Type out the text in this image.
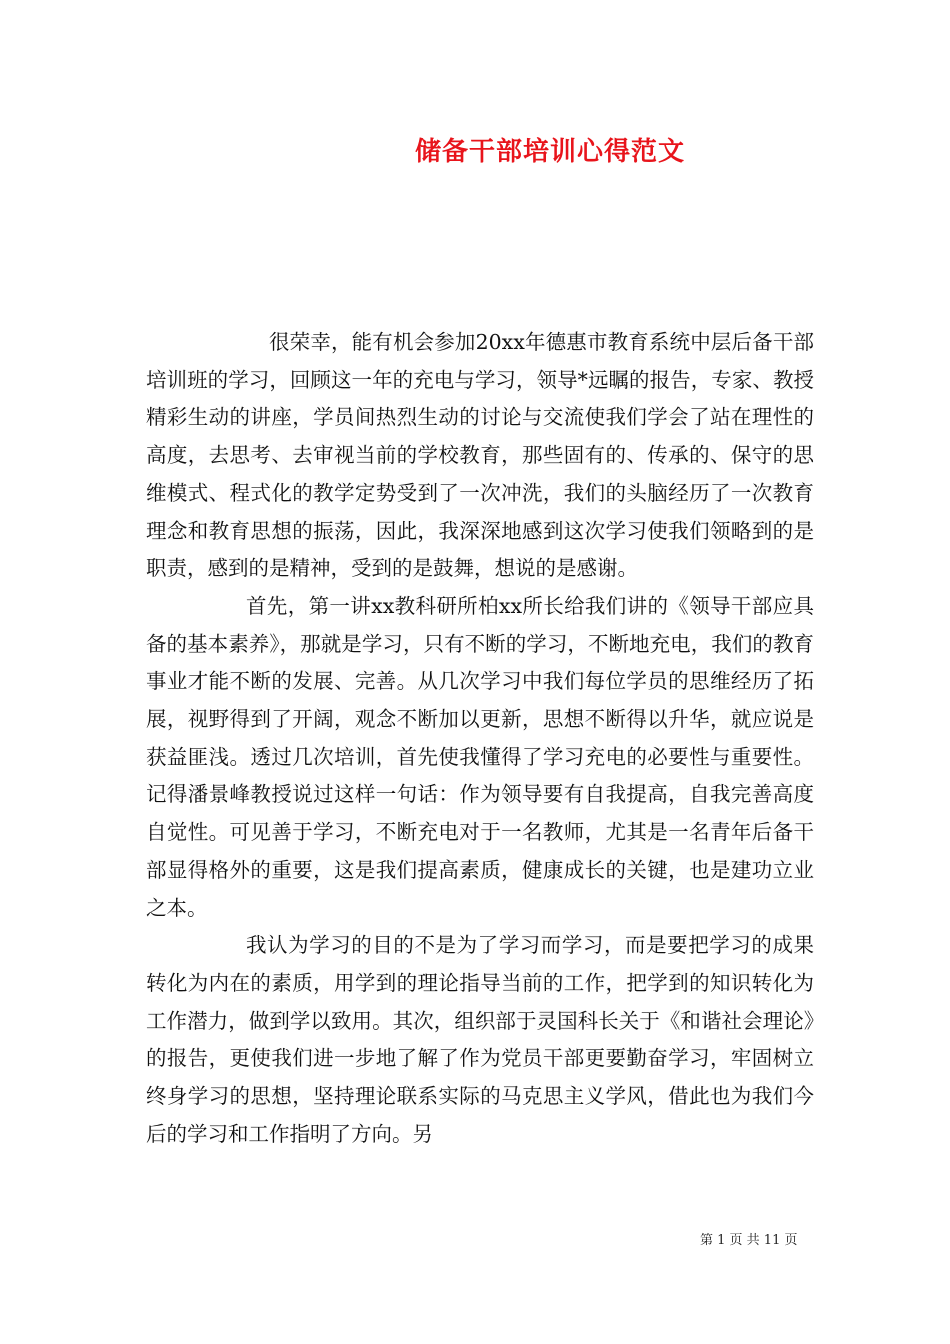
储备干部培训心得范文

很荣幸，能有机会参加20xx年德惠市教育系统中层后备干部培训班的学习，回顾这一年的充电与学习，领导*远瞩的报告，专家、教授精彩生动的讲座，学员间热烈生动的讨论与交流使我们学会了站在理性的高度，去思考、去审视当前的学校教育，那些固有的、传承的、保守的思维模式、程式化的教学定势受到了一次冲洗，我们的头脑经历了一次教育理念和教育思想的振荡，因此，我深深地感到这次学习使我们领略到的是职责，感到的是精神，受到的是鼓舞，想说的是感谢。

首先，第一讲xx教科研所柏xx所长给我们讲的《领导干部应具备的基本素养》，那就是学习，只有不断的学习，不断地充电，我们的教育事业才能不断的发展、完善。从几次学习中我们每位学员的思维经历了拓展，视野得到了开阔，观念不断加以更新，思想不断得以升华，就应说是获益匪浅。透过几次培训，首先使我懂得了学习充电的必要性与重要性。记得潘景峰教授说过这样一句话：作为领导要有自我提高，自我完善高度自觉性。可见善于学习，不断充电对于一名教师，尤其是一名青年后备干部显得格外的重要，这是我们提高素质，健康成长的关键，也是建功立业之本。

我认为学习的目的不是为了学习而学习，而是要把学习的成果转化为内在的素质，用学到的理论指导当前的工作，把学到的知识转化为工作潜力，做到学以致用。其次，组织部于灵国科长关于《和谐社会理论》的报告，更使我们进一步地了解了作为党员干部更要勤奋学习，牢固树立终身学习的思想，坚持理论联系实际的马克思主义学风，借此也为我们今后的学习和工作指明了方向。另

第 1 页 共 11 页
